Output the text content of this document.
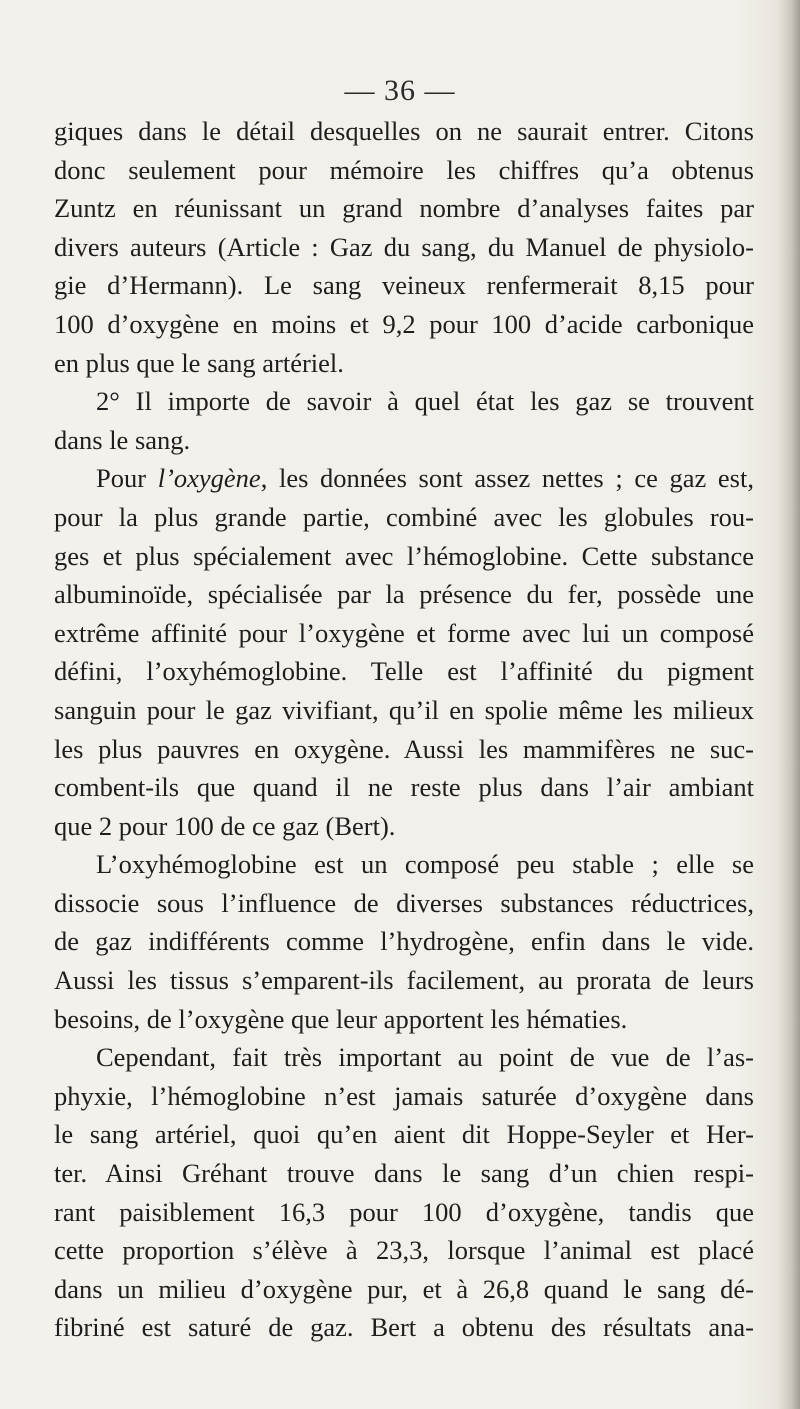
— 36 —
giques dans le détail desquelles on ne saurait entrer. Citons
donc seulement pour mémoire les chiffres qu’a obtenus
Zuntz en réunissant un grand nombre d’analyses faites par
divers auteurs (Article : Gaz du sang, du Manuel de physiolo-
gie d’Hermann). Le sang veineux renfermerait 8,15 pour
100 d’oxygène en moins et 9,2 pour 100 d’acide carbonique
en plus que le sang artériel.
2° Il importe de savoir à quel état les gaz se trouvent
dans le sang.
Pour l’oxygène, les données sont assez nettes ; ce gaz est,
pour la plus grande partie, combiné avec les globules rou-
ges et plus spécialement avec l’hémoglobine. Cette substance
albuminoïde, spécialisée par la présence du fer, possède une
extrême affinité pour l’oxygène et forme avec lui un composé
défini, l’oxyhémoglobine. Telle est l’affinité du pigment
sanguin pour le gaz vivifiant, qu’il en spolie même les milieux
les plus pauvres en oxygène. Aussi les mammifères ne suc-
combent-ils que quand il ne reste plus dans l’air ambiant
que 2 pour 100 de ce gaz (Bert).
L’oxyhémoglobine est un composé peu stable ; elle se
dissocie sous l’influence de diverses substances réductrices,
de gaz indifférents comme l’hydrogène, enfin dans le vide.
Aussi les tissus s’emparent-ils facilement, au prorata de leurs
besoins, de l’oxygène que leur apportent les hématies.
Cependant, fait très important au point de vue de l’as-
phyxie, l’hémoglobine n’est jamais saturée d’oxygène dans
le sang artériel, quoi qu’en aient dit Hoppe-Seyler et Her-
ter. Ainsi Gréhant trouve dans le sang d’un chien respi-
rant paisiblement 16,3 pour 100 d’oxygène, tandis que
cette proportion s’élève à 23,3, lorsque l’animal est placé
dans un milieu d’oxygène pur, et à 26,8 quand le sang dé-
fibriné est saturé de gaz. Bert a obtenu des résultats ana-
